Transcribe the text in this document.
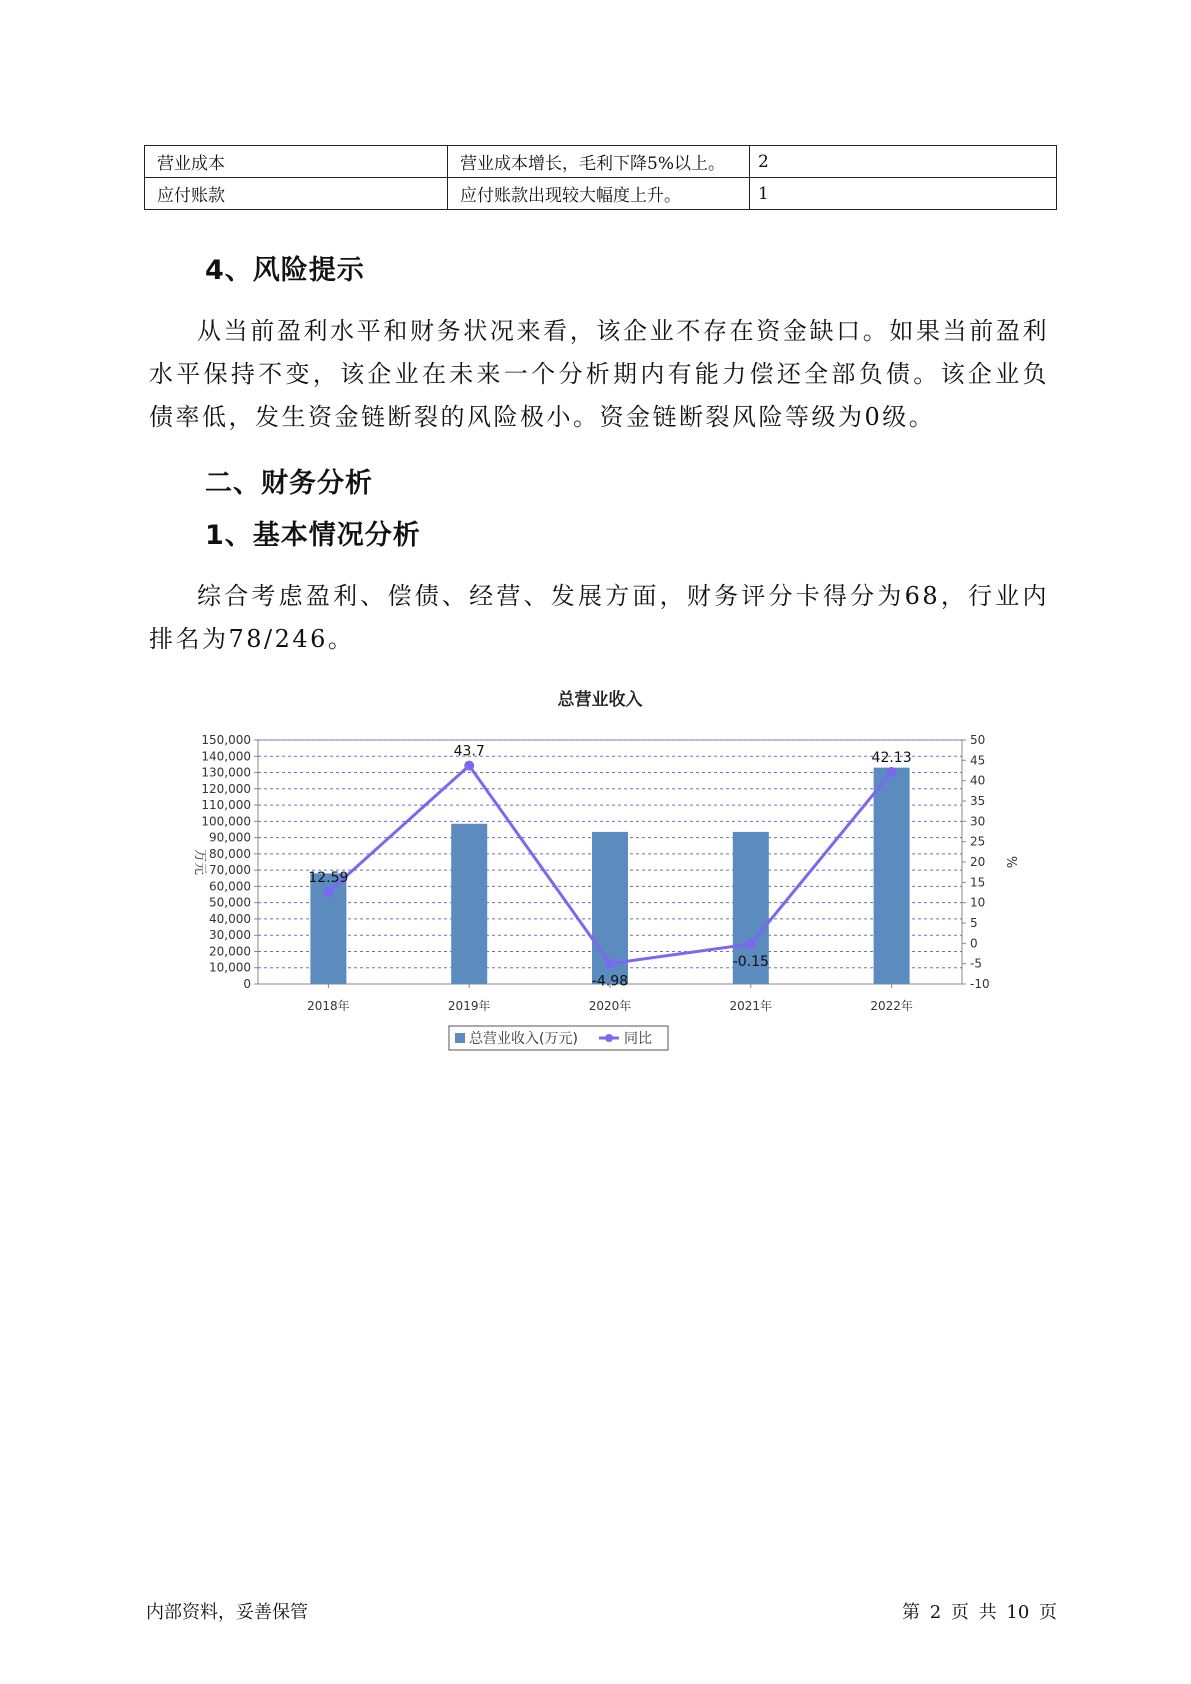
营业成本	营业成本增长，毛利下降5%以上。	2
应付账款	应付账款出现较大幅度上升。	1
4、风险提示

从当前盈利水平和财务状况来看，该企业不存在资金缺口。如果当前盈利水平保持不变，该企业在未来一个分析期内有能力偿还全部负债。该企业负债率低，发生资金链断裂的风险极小。资金链断裂风险等级为0级。

二、财务分析
1、基本情况分析

综合考虑盈利、偿债、经营、发展方面，财务评分卡得分为68，行业内排名为78/246。

总营业收入
0
10,000
20,000
30,000
40,000
50,000
60,000
70,000
80,000
90,000
100,000
110,000
120,000
130,000
140,000
150,000
-10
-5
0
5
10
15
20
25
30
35
40
45
50
万元	%
2018年	2019年	2020年	2021年	2022年
12.59
43.7
-4.98
-0.15
42.13
总营业收入(万元)	同比
内部资料，妥善保管	第 2 页 共 10 页
